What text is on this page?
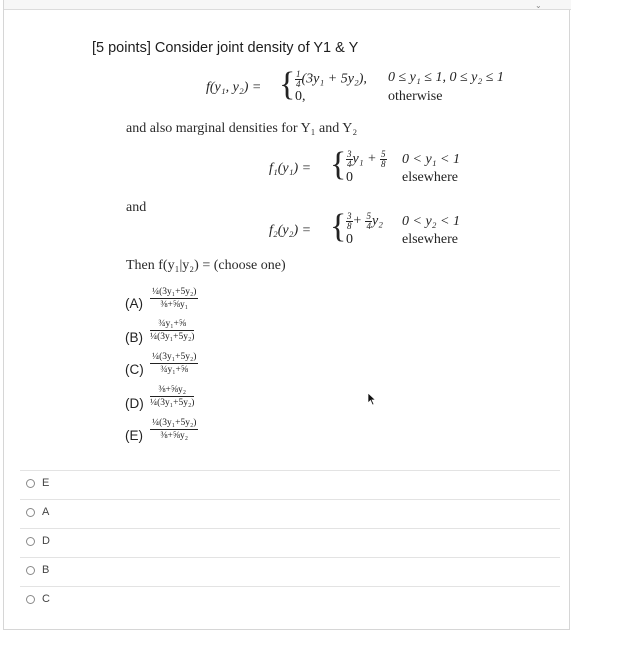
⌄
[5 points] Consider joint density of Y1 & Y
f(y₁, y₂) = { $\frac{1}{4} (3y_1 + 5y_2)$, 0 ≤ y₁ ≤ 1, 0 ≤ y₂ ≤ 1
0,	otherwise
and also marginal densities for Y₁ and Y₂
f₁(y₁) = { $\frac{3}{4} y_1 + \frac{5}{8} 0 < y_1 < 1$
0	elsewhere
and
f₂(y₂) = { $\frac{3}{8} + \frac{5}{4} y_2$ 0 < y₂ < 1
0	elsewhere
Then f(y₁|y₂) = (choose one)
$(A) \frac{\text{¼(3y₁+5y₂)}}{\text{⅜+⅝y₁}}$
$(B) \frac{\text{¾y₁+⅝}}{\text{¼(3y₁+5y₂)}}$
$(C) \frac{\text{¼(3y₁+5y₂)}}{\text{¾y₁+⅝}}$
$(D) \frac{\text{⅜+⅝y₂}}{\text{¼(3y₁+5y₂)}}$
$(E) \frac{\text{¼(3y₁+5y₂)}}{\text{⅜+⅝y₂}}$
E
A
D
B
C
